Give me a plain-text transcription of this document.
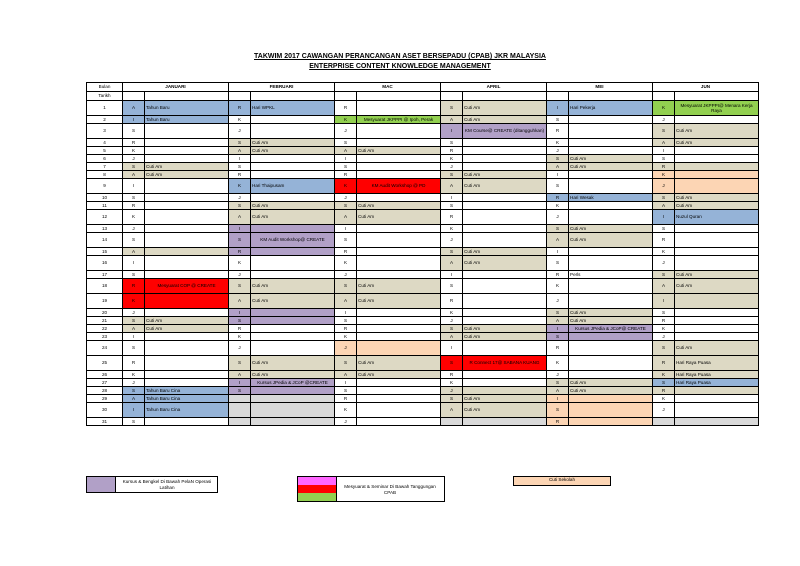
TAKWIM 2017 CAWANGAN PERANCANGAN ASET BERSEPADU (CPAB) JKR MALAYSIA
ENTERPRISE CONTENT KNOWLEDGE MANAGEMENT
Bulan	JANUARI		FEBRUARI		MAC		APRIL		MEI		JUN	
Tarikh												
1	A	Tahun Baru	R	Hari WPKL	R		S	Cuti Am	I	Hari Pekerja	K	Mesyuarat JKPPPI@ Menara Kerja Raya
2	I	Tahun Baru	K		K	Mesyuarat JKPPPI @ Ipoh, Perak	A	Cuti Am	S		J	
3	S		J		J		I	KM Course@ CREATE (ditangguhkan)	R		S	Cuti Am
4	R		S	Cuti Am	S		S		K		A	Cuti Am
5	K		A	Cuti Am	A	Cuti Am	R		J		I	
6	J		I		I		K		S	Cuti Am	S	
7	S	Cuti Am	S		S		J		A	Cuti Am	R	
8	A	Cuti Am	R		R		S	Cuti Am	I		K	
9	I		K	Hari Thaipusam	K	KM Audit Workshop @ PD	A	Cuti Am	S		J	
10	S		J		J		I		R	Hari Wesak	S	Cuti Am
11	R		S	Cuti Am	S	Cuti Am	S		K		A	Cuti Am
12	K		A	Cuti Am	A	Cuti Am	R		J		I	Nuzul Quran
13	J		I		I		K		S	Cuti Am	S	
14	S		S	KM Audit Workshop@ CREATE	S		J		A	Cuti Am	R	
15	A		R		R		S	Cuti Am	I		K	
16	I		K		K		A	Cuti Am	S		J	
17	S		J		J		I		R	Perls	S	Cuti Am
18	R	Mesyuarat COP @ CREATE	S	Cuti Am	S	Cuti Am	S		K		A	Cuti Am
19	K		A	Cuti Am	A	Cuti Am	R		J		I	
20	J		I		I		K		S	Cuti Am	S	
21	S	Cuti Am	S		S		J		A	Cuti Am	R	
22	A	Cuti Am	R		R		S	Cuti Am	I	Kursus JPedia & JCoP@ CREATE	K	
23	I		K		K		A	Cuti Am	S		J	
24	S		J		J		I		R		S	Cuti Am
25	R		S	Cuti Am	S	Cuti Am	S	R Connect 17@ SABANA KUANG	K		R	Hari Raya Puasa
26	K		A	Cuti Am	A	Cuti Am	R		J		K	Hari Raya Puasa
27	J		I	Kursus JPedia & JCoP @CREATE	I		K		S	Cuti Am	S	Hari Raya Puasa
28	S	Tahun Baru Cina	S		S		J		A	Cuti Am	R	
29	A	Tahun Baru Cina			R		S	Cuti Am	I		K	
30	I	Tahun Baru Cina			K		A	Cuti Am	S		J	
31	S				J				R			
Kursus & Bengkel Di Bawah PelaN Operasi Latihan	Mesyuarat & Seminar Di Bawah Tanggungan CPAB
Cuti Sekolah
